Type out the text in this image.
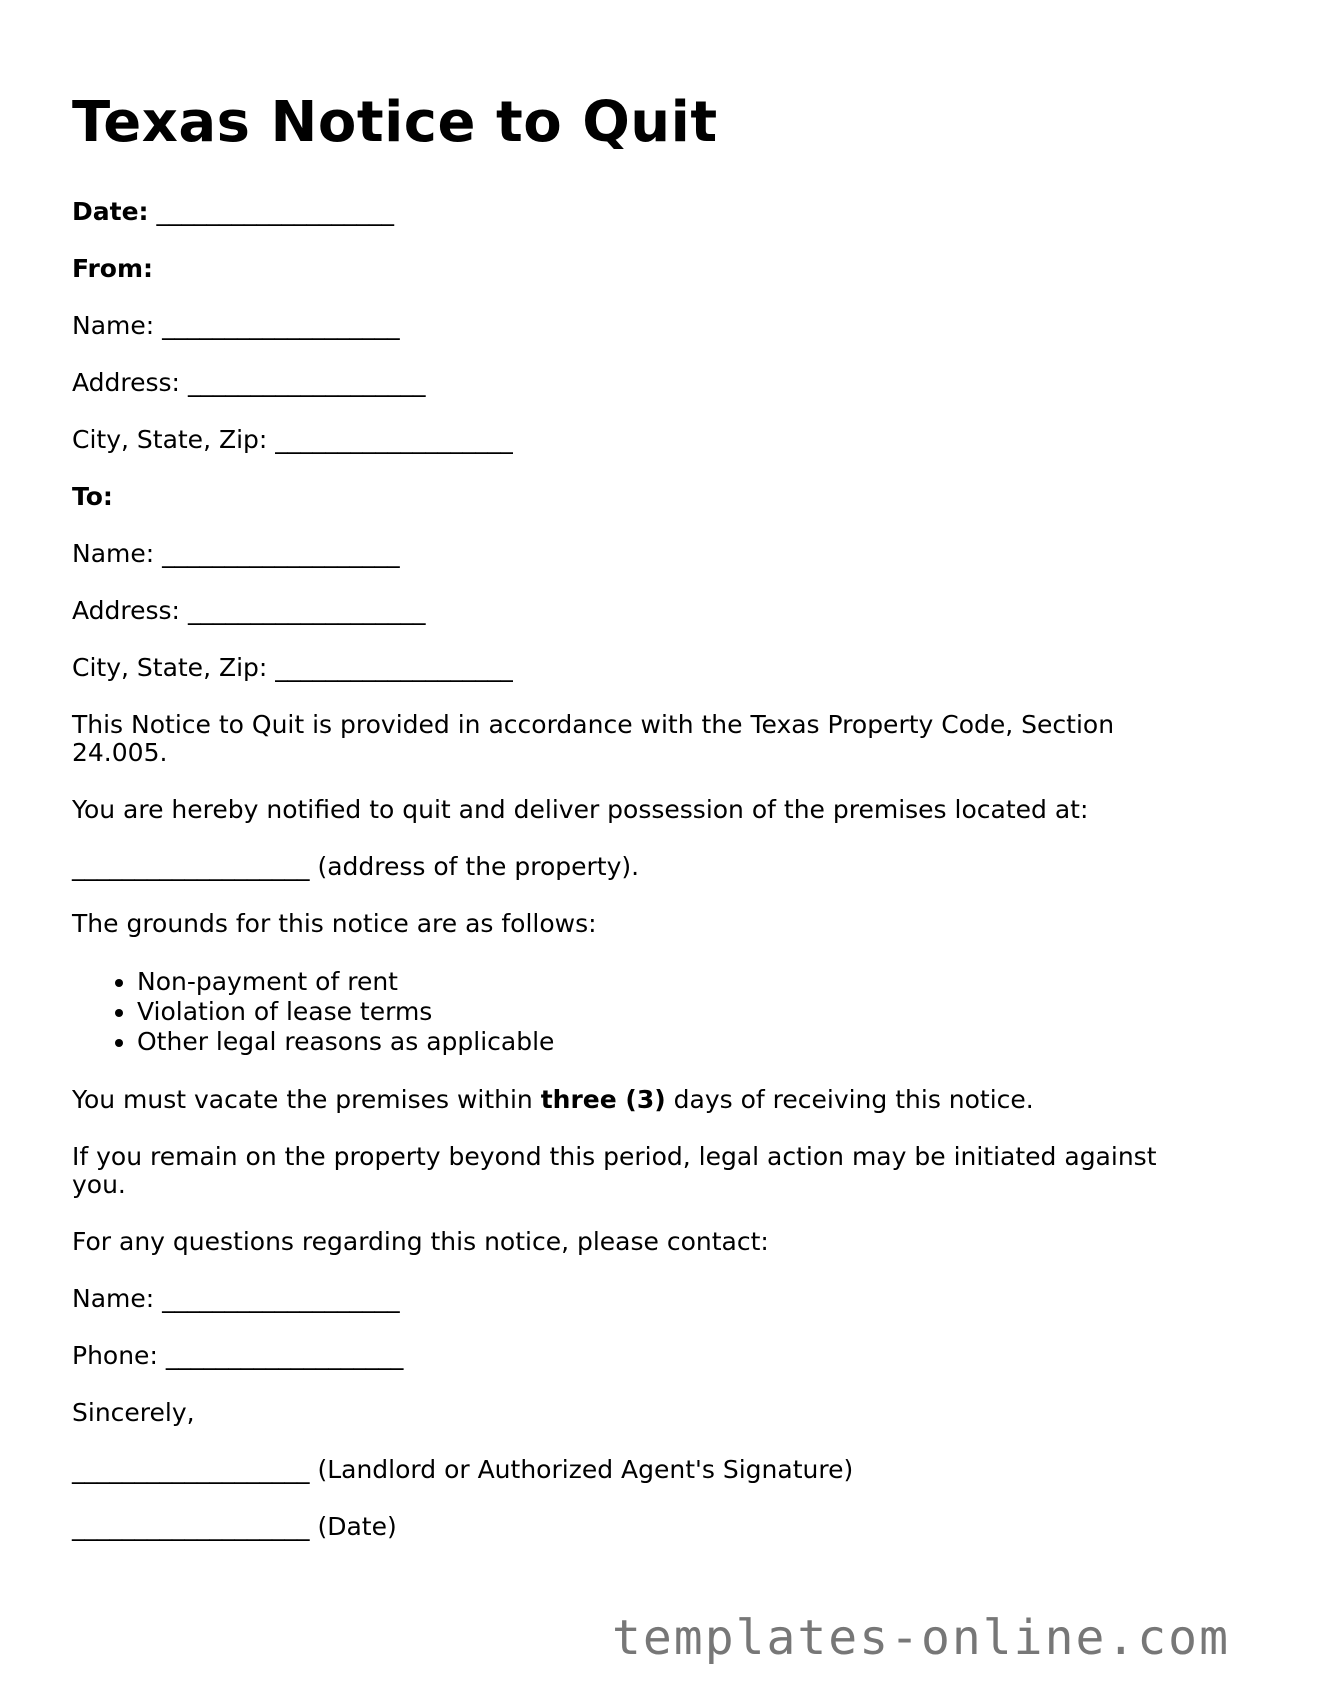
Texas Notice to Quit

Date: ___________________

From:

Name: ___________________

Address: ___________________

City, State, Zip: ___________________

To:

Name: ___________________

Address: ___________________

City, State, Zip: ___________________

This Notice to Quit is provided in accordance with the Texas Property Code, Section 24.005.

You are hereby notified to quit and deliver possession of the premises located at:

___________________ (address of the property).

The grounds for this notice are as follows:

• Non-payment of rent
• Violation of lease terms
• Other legal reasons as applicable

You must vacate the premises within three (3) days of receiving this notice.

If you remain on the property beyond this period, legal action may be initiated against you.

For any questions regarding this notice, please contact:

Name: ___________________

Phone: ___________________

Sincerely,

___________________ (Landlord or Authorized Agent's Signature)

___________________ (Date)

templates-online.com
